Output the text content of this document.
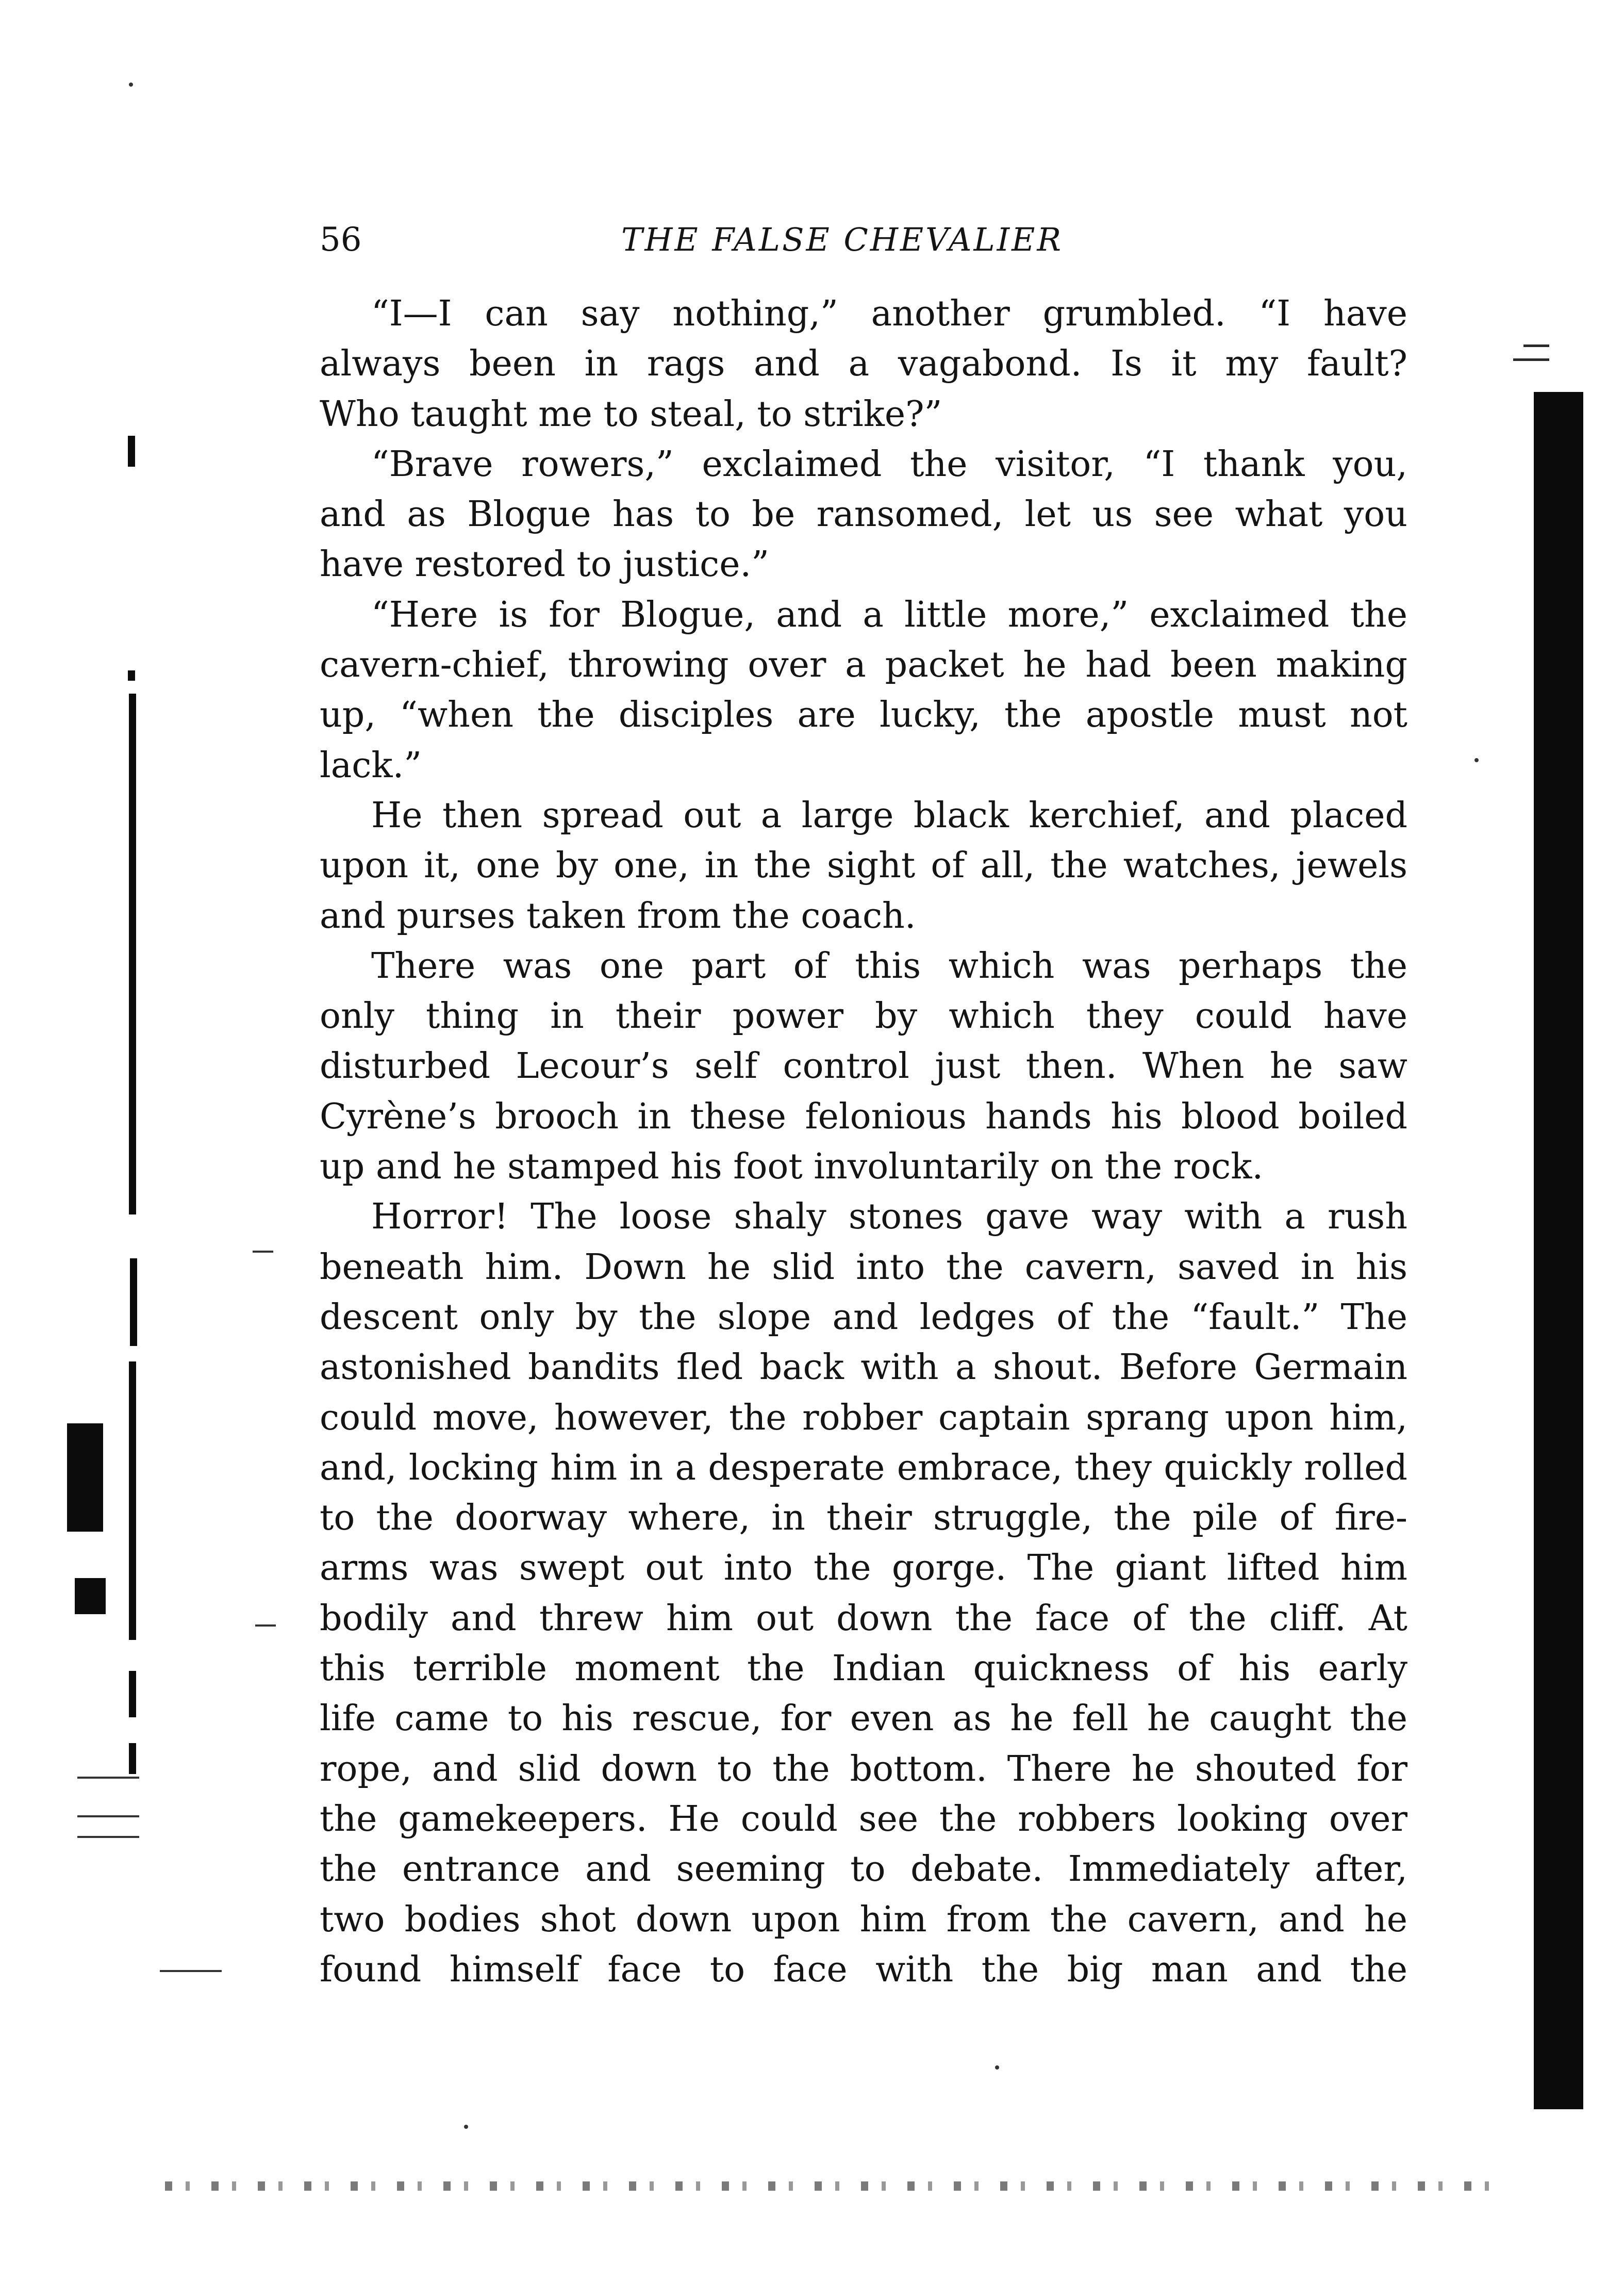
56	THE FALSE CHEVALIER
“I—I can say nothing,” another grumbled. “I have
always been in rags and a vagabond. Is it my fault?
Who taught me to steal, to strike?”
“Brave rowers,” exclaimed the visitor, “I thank you,
and as Blogue has to be ransomed, let us see what you
have restored to justice.”
“Here is for Blogue, and a little more,” exclaimed the
cavern-chief, throwing over a packet he had been making
up, “when the disciples are lucky, the apostle must not
lack.”
He then spread out a large black kerchief, and placed
upon it, one by one, in the sight of all, the watches, jewels
and purses taken from the coach.
There was one part of this which was perhaps the
only thing in their power by which they could have
disturbed Lecour’s self control just then. When he saw
Cyrène’s brooch in these felonious hands his blood boiled
up and he stamped his foot involuntarily on the rock.
Horror! The loose shaly stones gave way with a rush
beneath him. Down he slid into the cavern, saved in his
descent only by the slope and ledges of the “fault.” The
astonished bandits fled back with a shout. Before Germain
could move, however, the robber captain sprang upon him,
and, locking him in a desperate embrace, they quickly rolled
to the doorway where, in their struggle, the pile of fire-
arms was swept out into the gorge. The giant lifted him
bodily and threw him out down the face of the cliff. At
this terrible moment the Indian quickness of his early
life came to his rescue, for even as he fell he caught the
rope, and slid down to the bottom. There he shouted for
the gamekeepers. He could see the robbers looking over
the entrance and seeming to debate. Immediately after,
two bodies shot down upon him from the cavern, and he
found himself face to face with the big man and the
